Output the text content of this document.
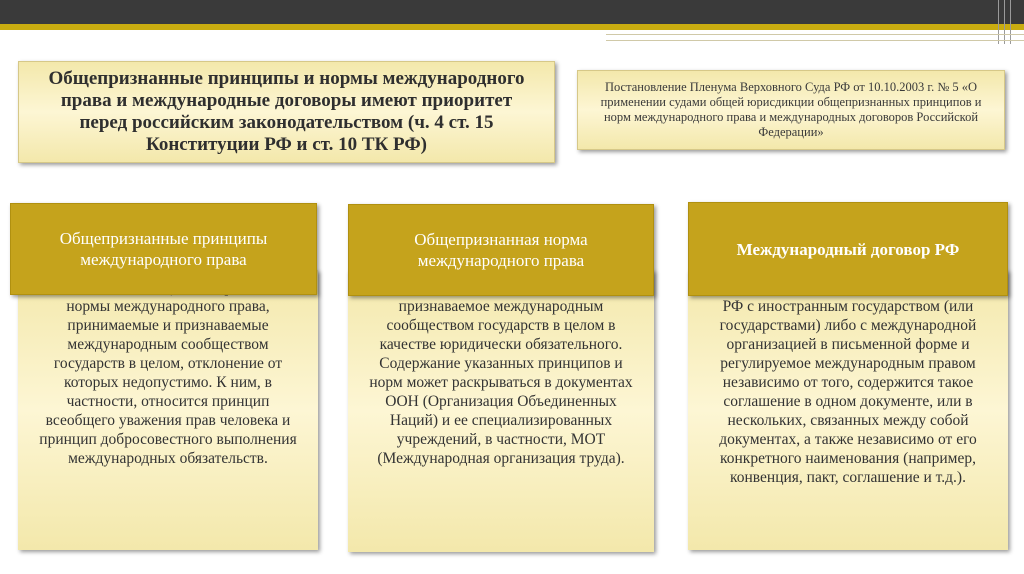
Общепризнанные принципы и нормы международного права и международные договоры имеют приоритет перед российским законодательством (ч. 4 ст. 15 Конституции РФ и ст. 10 ТК РФ)
Постановление Пленума Верховного Суда РФ от 10.10.2003 г. № 5 «О применении судами общей юрисдикции общепризнанных принципов и норм международного права и международных договоров Российской Федерации»
нормы международного права, принимаемые и признаваемые международным сообществом государств в целом, отклонение от которых недопустимо. К ним, в частности, относится принцип всеобщего уважения прав человека и принцип добросовестного выполнения международных обязательств.
Общепризнанные принципы международного права
признаваемое международным сообществом государств в целом в качестве юридически обязательного. Содержание указанных принципов и норм может раскрываться в документах ООН (Организация Объединенных Наций) и ее специализированных учреждений, в частности, МОТ (Международная организация труда).
Общепризнанная норма международного права
РФ с иностранным государством (или государствами) либо с международной организацией в письменной форме и регулируемое международным правом независимо от того, содержится такое соглашение в одном документе, или в нескольких, связанных между собой документах, а также независимо от его конкретного наименования (например, конвенция, пакт, соглашение и т.д.).
Международный договор РФ
